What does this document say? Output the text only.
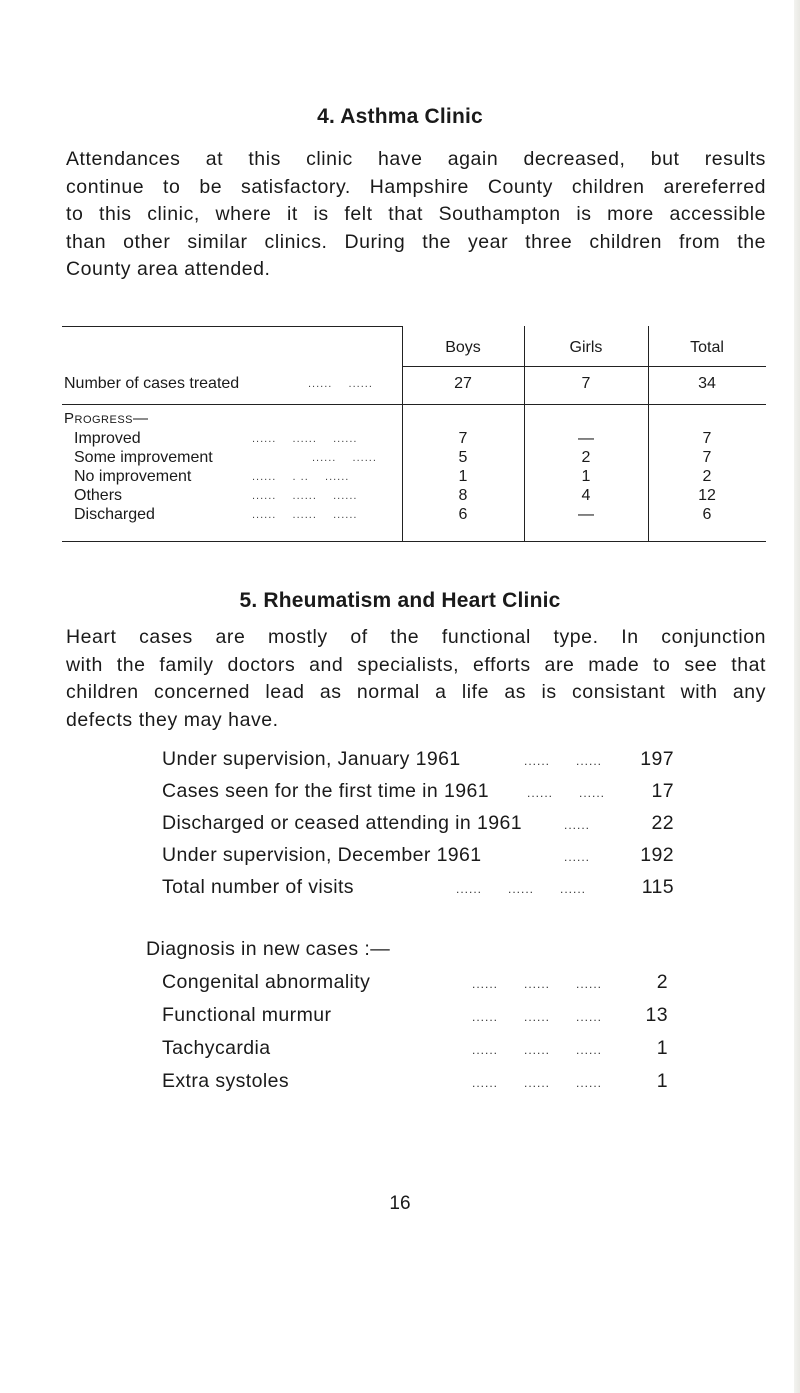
4. Asthma Clinic
Attendances at this clinic have again decreased, but results
continue to be satisfactory. Hampshire County children arereferred
to this clinic, where it is felt that Southampton is more accessible
than other similar clinics. During the year three children from the
County area attended.
Boys	Girls	Total
Number of cases treated	......    ......	27	7	34
Progress—
Improved	......    ......    ......	7	—	7
Some improvement	......    ......	5	2	7
No improvement	......    . ..    ......	1	1	2
Others	......    ......    ......	8	4	12
Discharged	......    ......    ......	6	—	6
5. Rheumatism and Heart Clinic
Heart cases are mostly of the functional type. In conjunction
with the family doctors and specialists, efforts are made to see that
children concerned lead as normal a life as is consistant with any
defects they may have.
Under supervision, January 1961	......      ......	197
Cases seen for the first time in 1961	......      ......	17
Discharged or ceased attending in 1961	......	22
Under supervision, December 1961	......	192
Total number of visits	......      ......      ......	115
Diagnosis in new cases :—
Congenital abnormality	......      ......      ......	2
Functional murmur	......      ......      ......	13
Tachycardia	......      ......      ......	1
Extra systoles	......      ......      ......	1
16
